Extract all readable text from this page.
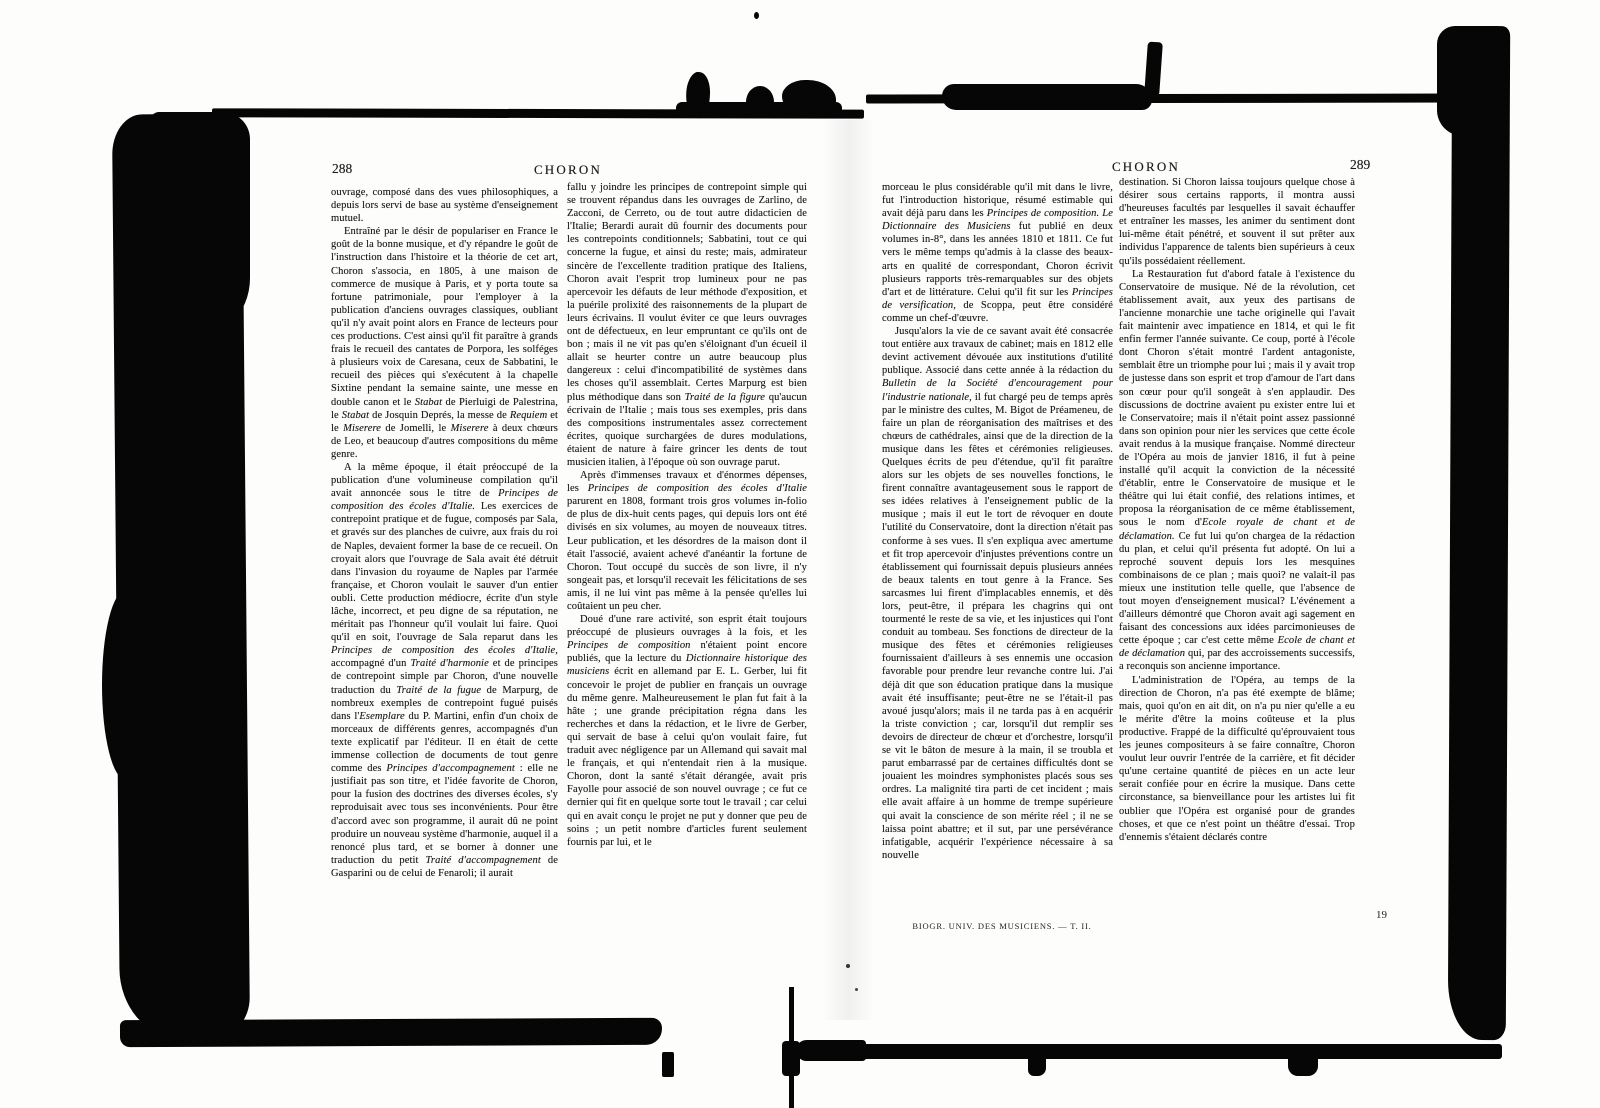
288	CHORON

ouvrage, composé dans des vues philosophiques, a depuis lors servi de base au système d'enseignement mutuel.

Entraîné par le désir de populariser en France le goût de la bonne musique, et d'y répandre le goût de l'instruction dans l'histoire et la théorie de cet art, Choron s'associa, en 1805, à une maison de commerce de musique à Paris, et y porta toute sa fortune patrimoniale, pour l'employer à la publication d'anciens ouvrages classiques, oubliant qu'il n'y avait point alors en France de lecteurs pour ces productions. C'est ainsi qu'il fit paraître à grands frais le recueil des cantates de Porpora, les solféges à plusieurs voix de Caresana, ceux de Sabbatini, le recueil des pièces qui s'exécutent à la chapelle Sixtine pendant la semaine sainte, une messe en double canon et le Stabat de Pierluigi de Palestrina, le Stabat de Josquin Deprés, la messe de Requiem et le Miserere de Jomelli, le Miserere à deux chœurs de Leo, et beaucoup d'autres compositions du même genre.

A la même époque, il était préoccupé de la publication d'une volumineuse compilation qu'il avait annoncée sous le titre de Principes de composition des écoles d'Italie. Les exercices de contrepoint pratique et de fugue, composés par Sala, et gravés sur des planches de cuivre, aux frais du roi de Naples, devaient former la base de ce recueil. On croyait alors que l'ouvrage de Sala avait été détruit dans l'invasion du royaume de Naples par l'armée française, et Choron voulait le sauver d'un entier oubli. Cette production médiocre, écrite d'un style lâche, incorrect, et peu digne de sa réputation, ne méritait pas l'honneur qu'il voulait lui faire. Quoi qu'il en soit, l'ouvrage de Sala reparut dans les Principes de composition des écoles d'Italie, accompagné d'un Traité d'harmonie et de principes de contrepoint simple par Choron, d'une nouvelle traduction du Traité de la fugue de Marpurg, de nombreux exemples de contrepoint fugué puisés dans l'Esemplare du P. Martini, enfin d'un choix de morceaux de différents genres, accompagnés d'un texte explicatif par l'éditeur. Il en était de cette immense collection de documents de tout genre comme des Principes d'accompagnement : elle ne justifiait pas son titre, et l'idée favorite de Choron, pour la fusion des doctrines des diverses écoles, s'y reproduisait avec tous ses inconvénients. Pour être d'accord avec son programme, il aurait dû ne point produire un nouveau système d'harmonie, auquel il a renoncé plus tard, et se borner à donner une traduction du petit Traité d'accompagnement de Gasparini ou de celui de Fenaroli; il aurait

fallu y joindre les principes de contrepoint simple qui se trouvent répandus dans les ouvrages de Zarlino, de Zacconi, de Cerreto, ou de tout autre didacticien de l'Italie; Berardi aurait dû fournir des documents pour les contrepoints conditionnels; Sabbatini, tout ce qui concerne la fugue, et ainsi du reste; mais, admirateur sincère de l'excellente tradition pratique des Italiens, Choron avait l'esprit trop lumineux pour ne pas apercevoir les défauts de leur méthode d'exposition, et la puérile prolixité des raisonnements de la plupart de leurs écrivains. Il voulut éviter ce que leurs ouvrages ont de défectueux, en leur empruntant ce qu'ils ont de bon ; mais il ne vit pas qu'en s'éloignant d'un écueil il allait se heurter contre un autre beaucoup plus dangereux : celui d'incompatibilité de systèmes dans les choses qu'il assemblait. Certes Marpurg est bien plus méthodique dans son Traité de la figure qu'aucun écrivain de l'Italie ; mais tous ses exemples, pris dans des compositions instrumentales assez correctement écrites, quoique surchargées de dures modulations, étaient de nature à faire grincer les dents de tout musicien italien, à l'époque où son ouvrage parut.

Après d'immenses travaux et d'énormes dépenses, les Principes de composition des écoles d'Italie parurent en 1808, formant trois gros volumes in-folio de plus de dix-huit cents pages, qui depuis lors ont été divisés en six volumes, au moyen de nouveaux titres. Leur publication, et les désordres de la maison dont il était l'associé, avaient achevé d'anéantir la fortune de Choron. Tout occupé du succès de son livre, il n'y songeait pas, et lorsqu'il recevait les félicitations de ses amis, il ne lui vint pas même à la pensée qu'elles lui coûtaient un peu cher.

Doué d'une rare activité, son esprit était toujours préoccupé de plusieurs ouvrages à la fois, et les Principes de composition n'étaient point encore publiés, que la lecture du Dictionnaire historique des musiciens écrit en allemand par E. L. Gerber, lui fit concevoir le projet de publier en français un ouvrage du même genre. Malheureusement le plan fut fait à la hâte ; une grande précipitation régna dans les recherches et dans la rédaction, et le livre de Gerber, qui servait de base à celui qu'on voulait faire, fut traduit avec négligence par un Allemand qui savait mal le français, et qui n'entendait rien à la musique. Choron, dont la santé s'était dérangée, avait pris Fayolle pour associé de son nouvel ouvrage ; ce fut ce dernier qui fit en quelque sorte tout le travail ; car celui qui en avait conçu le projet ne put y donner que peu de soins ; un petit nombre d'articles furent seulement fournis par lui, et le

CHORON	289

morceau le plus considérable qu'il mit dans le livre, fut l'introduction historique, résumé estimable qui avait déjà paru dans les Principes de composition. Le Dictionnaire des Musiciens fut publié en deux volumes in-8°, dans les années 1810 et 1811. Ce fut vers le même temps qu'admis à la classe des beaux-arts en qualité de correspondant, Choron écrivit plusieurs rapports très-remarquables sur des objets d'art et de littérature. Celui qu'il fit sur les Principes de versification, de Scoppa, peut être considéré comme un chef-d'œuvre.

Jusqu'alors la vie de ce savant avait été consacrée tout entière aux travaux de cabinet; mais en 1812 elle devint activement dévouée aux institutions d'utilité publique. Associé dans cette année à la rédaction du Bulletin de la Société d'encouragement pour l'industrie nationale, il fut chargé peu de temps après par le ministre des cultes, M. Bigot de Préameneu, de faire un plan de réorganisation des maîtrises et des chœurs de cathédrales, ainsi que de la direction de la musique dans les fêtes et cérémonies religieuses. Quelques écrits de peu d'étendue, qu'il fit paraître alors sur les objets de ses nouvelles fonctions, le firent connaître avantageusement sous le rapport de ses idées relatives à l'enseignement public de la musique ; mais il eut le tort de révoquer en doute l'utilité du Conservatoire, dont la direction n'était pas conforme à ses vues. Il s'en expliqua avec amertume et fit trop apercevoir d'injustes préventions contre un établissement qui fournissait depuis plusieurs années de beaux talents en tout genre à la France. Ses sarcasmes lui firent d'implacables ennemis, et dès lors, peut-être, il prépara les chagrins qui ont tourmenté le reste de sa vie, et les injustices qui l'ont conduit au tombeau. Ses fonctions de directeur de la musique des fêtes et cérémonies religieuses fournissaient d'ailleurs à ses ennemis une occasion favorable pour prendre leur revanche contre lui. J'ai déjà dit que son éducation pratique dans la musique avait été insuffisante; peut-être ne se l'était-il pas avoué jusqu'alors; mais il ne tarda pas à en acquérir la triste conviction ; car, lorsqu'il dut remplir ses devoirs de directeur de chœur et d'orchestre, lorsqu'il se vit le bâton de mesure à la main, il se troubla et parut embarrassé par de certaines difficultés dont se jouaient les moindres symphonistes placés sous ses ordres. La malignité tira parti de cet incident ; mais elle avait affaire à un homme de trempe supérieure qui avait la conscience de son mérite réel ; il ne se laissa point abattre; et il sut, par une persévérance infatigable, acquérir l'expérience nécessaire à sa nouvelle

destination. Si Choron laissa toujours quelque chose à désirer sous certains rapports, il montra aussi d'heureuses facultés par lesquelles il savait échauffer et entraîner les masses, les animer du sentiment dont lui-même était pénétré, et souvent il sut prêter aux individus l'apparence de talents bien supérieurs à ceux qu'ils possédaient réellement.

La Restauration fut d'abord fatale à l'existence du Conservatoire de musique. Né de la révolution, cet établissement avait, aux yeux des partisans de l'ancienne monarchie une tache originelle qui l'avait fait maintenir avec impatience en 1814, et qui le fit enfin fermer l'année suivante. Ce coup, porté à l'école dont Choron s'était montré l'ardent antagoniste, semblait être un triomphe pour lui ; mais il y avait trop de justesse dans son esprit et trop d'amour de l'art dans son cœur pour qu'il songeât à s'en applaudir. Des discussions de doctrine avaient pu exister entre lui et le Conservatoire; mais il n'était point assez passionné dans son opinion pour nier les services que cette école avait rendus à la musique française. Nommé directeur de l'Opéra au mois de janvier 1816, il fut à peine installé qu'il acquit la conviction de la nécessité d'établir, entre le Conservatoire de musique et le théâtre qui lui était confié, des relations intimes, et proposa la réorganisation de ce même établissement, sous le nom d'Ecole royale de chant et de déclamation. Ce fut lui qu'on chargea de la rédaction du plan, et celui qu'il présenta fut adopté. On lui a reproché souvent depuis lors les mesquines combinaisons de ce plan ; mais quoi? ne valait-il pas mieux une institution telle quelle, que l'absence de tout moyen d'enseignement musical? L'événement a d'ailleurs démontré que Choron avait agi sagement en faisant des concessions aux idées parcimonieuses de cette époque ; car c'est cette même Ecole de chant et de déclamation qui, par des accroissements successifs, a reconquis son ancienne importance.

L'administration de l'Opéra, au temps de la direction de Choron, n'a pas été exempte de blâme; mais, quoi qu'on en ait dit, on n'a pu nier qu'elle a eu le mérite d'être la moins coûteuse et la plus productive. Frappé de la difficulté qu'éprouvaient tous les jeunes compositeurs à se faire connaître, Choron voulut leur ouvrir l'entrée de la carrière, et fit décider qu'une certaine quantité de pièces en un acte leur serait confiée pour en écrire la musique. Dans cette circonstance, sa bienveillance pour les artistes lui fit oublier que l'Opéra est organisé pour de grandes choses, et que ce n'est point un théâtre d'essai. Trop d'ennemis s'étaient déclarés contre

BIOGR. UNIV. DES MUSICIENS. — T. II.
19
